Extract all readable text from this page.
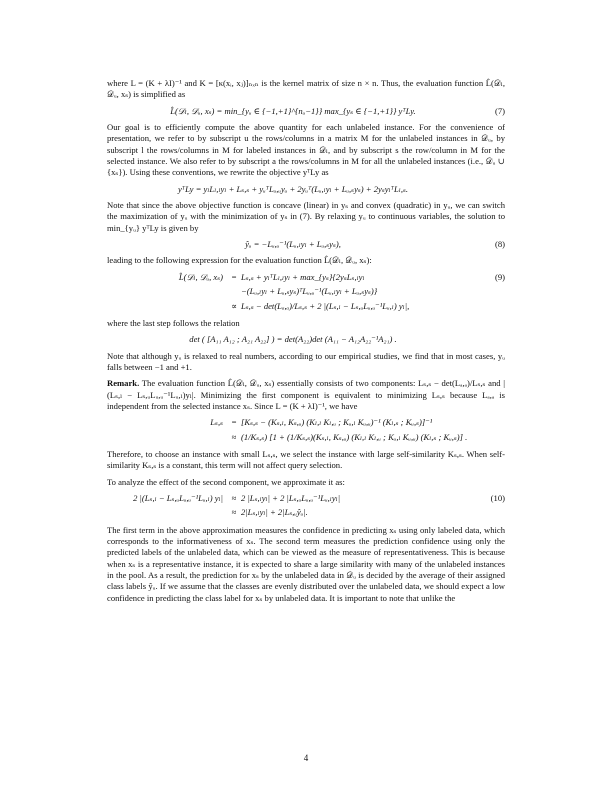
where L = (K + λI)⁻¹ and K = [κ(xᵢ, xⱼ)]ₙₓₙ is the kernel matrix of size n × n. Thus, the evaluation function L̂(𝒟ₗ, 𝒟ᵤ, xₛ) is simplified as

L̂(𝒟ₗ, 𝒟ᵤ, xₛ) = min_{yᵤ ∈ {−1,+1}^{nᵤ−1}} max_{yₛ ∈ {−1,+1}} yᵀLy.	(7)

Our goal is to efficiently compute the above quantity for each unlabeled instance. For the convenience of presentation, we refer to by subscript u the rows/columns in a matrix M for the unlabeled instances in 𝒟ᵤ, by subscript l the rows/columns in M for labeled instances in 𝒟ₗ, and by subscript s the row/column in M for the selected instance. We also refer to by subscript a the rows/columns in M for all the unlabeled instances (i.e., 𝒟ᵤ ∪ {xₛ}). Using these conventions, we rewrite the objective yᵀLy as

yᵀLy = yₗLₗ,ₗyₗ + Lₛ,ₛ + yᵤᵀLᵤ,ᵤyᵤ + 2yᵤᵀ(Lᵤ,ₗyₗ + Lᵤ,ₛyₛ) + 2yₛyₗᵀLₗ,ₛ.

Note that since the above objective function is concave (linear) in yₛ and convex (quadratic) in yᵤ, we can switch the maximization of yᵤ with the minimization of yₛ in (7). By relaxing yᵤ to continuous variables, the solution to min_{yᵤ} yᵀLy is given by

ŷᵤ = −Lᵤ,ᵤ⁻¹(Lᵤ,ₗyₗ + Lᵤ,ₛyₛ),	(8)

leading to the following expression for the evaluation function L̂(𝒟ₗ, 𝒟ᵤ, xₛ):

L̂(𝒟ₗ, 𝒟ᵤ, xₛ) = Lₛ,ₛ + yₗᵀLₗ,ₗyₗ + max_{yₛ}{2yₛLₛ,ₗyₗ	(9)
−(Lᵤ,ₗyₗ + Lᵤ,ₛyₛ)ᵀLᵤ,ᵤ⁻¹(Lᵤ,ₗyₗ + Lᵤ,ₛyₛ)}
∝ Lₛ,ₛ − det(Lₐ,ₐ)/Lₛ,ₛ + 2 |(Lₛ,ₗ − Lₛ,ᵤLᵤ,ᵤ⁻¹Lᵤ,ₗ) yₗ|,

where the last step follows the relation

det ( [A₁₁ A₁₂ ; A₂₁ A₂₂] ) = det(A₂₂)det (A₁₁ − A₁₂A₂₂⁻¹A₂₁) .

Note that although yᵤ is relaxed to real numbers, according to our empirical studies, we find that in most cases, yᵤ falls between −1 and +1.

Remark. The evaluation function L̂(𝒟ₗ, 𝒟ᵤ, xₛ) essentially consists of two components: Lₛ,ₛ − det(Lₐ,ₐ)/Lₛ,ₛ and |(Lₛ,ₗ − Lₛ,ᵤLᵤ,ᵤ⁻¹Lᵤ,ₗ)yₗ|. Minimizing the first component is equivalent to minimizing Lₛ,ₛ because Lₐ,ₐ is independent from the selected instance xₛ. Since L = (K + λI)⁻¹, we have

Lₛ,ₛ = [Kₛ,ₛ − (Kₛ,ₗ, Kₛ,ᵤ) (Kₗ,ₗ Kₗ,ᵤ ; Kᵤ,ₗ Kᵤ,ᵤ)⁻¹ (Kₗ,ₛ ; Kᵤ,ₛ)]⁻¹
≈ (1/Kₛ,ₛ) [1 + (1/Kₛ,ₛ)(Kₛ,ₗ, Kₛ,ᵤ) (Kₗ,ₗ Kₗ,ᵤ ; Kᵤ,ₗ Kᵤ,ᵤ) (Kₗ,ₛ ; Kᵤ,ₛ)] .

Therefore, to choose an instance with small Lₛ,ₛ, we select the instance with large self-similarity Kₛ,ₛ. When self-similarity Kₛ,ₛ is a constant, this term will not affect query selection.

To analyze the effect of the second component, we approximate it as:

2 |(Lₛ,ₗ − Lₛ,ᵤLᵤ,ᵤ⁻¹Lᵤ,ₗ) yₗ|	≈ 2 |Lₛ,ₗyₗ| + 2 |Lₛ,ᵤLᵤ,ᵤ⁻¹Lᵤ,ₗyₗ|	(10)
≈ 2|Lₛ,ₗyₗ| + 2|Lₛ,ᵤŷᵤ|.

The first term in the above approximation measures the confidence in predicting xₛ using only labeled data, which corresponds to the informativeness of xₛ. The second term measures the prediction confidence using only the predicted labels of the unlabeled data, which can be viewed as the measure of representativeness. This is because when xₛ is a representative instance, it is expected to share a large similarity with many of the unlabeled instances in the pool. As a result, the prediction for xₛ by the unlabeled data in 𝒟ᵤ is decided by the average of their assigned class labels ŷᵤ. If we assume that the classes are evenly distributed over the unlabeled data, we should expect a low confidence in predicting the class label for xₛ by unlabeled data. It is important to note that unlike the

4
